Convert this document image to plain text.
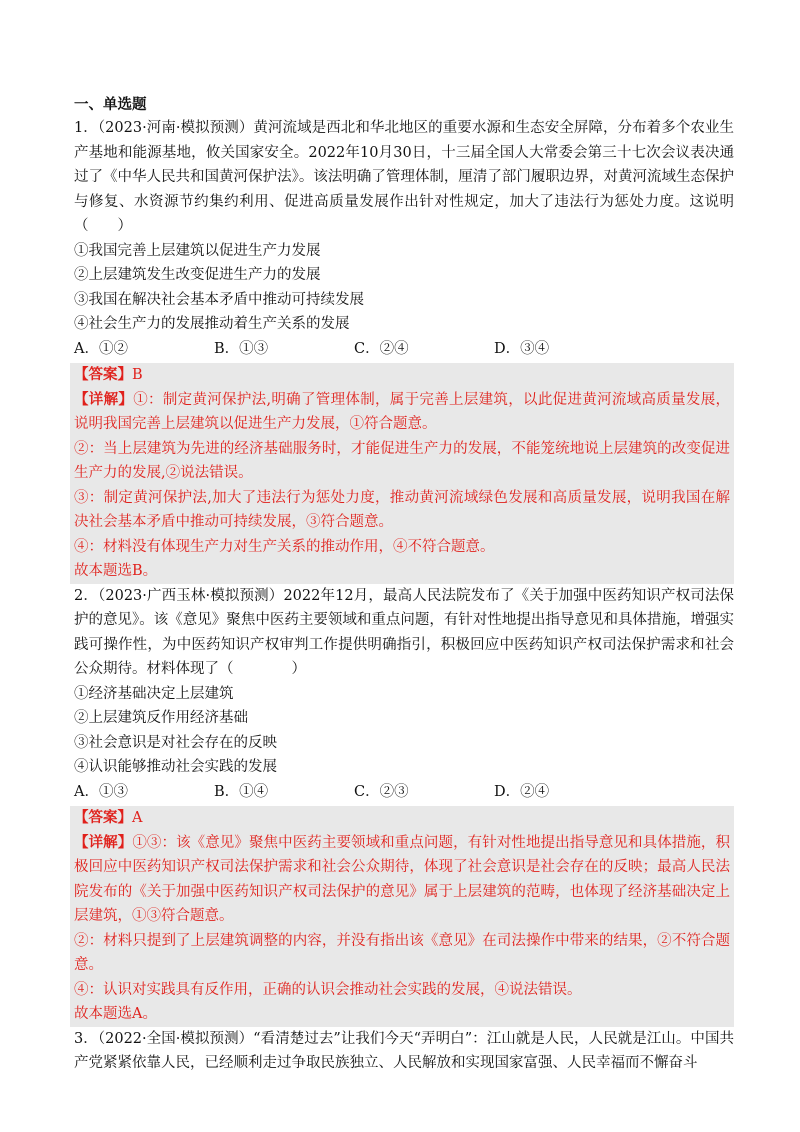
一、单选题
1．（2023·河南·模拟预测）黄河流域是西北和华北地区的重要水源和生态安全屏障，分布着多个农业生产基地和能源基地，攸关国家安全。2022年10月30日，十三届全国人大常委会第三十七次会议表决通过了《中华人民共和国黄河保护法》。该法明确了管理体制，厘清了部门履职边界，对黄河流域生态保护与修复、水资源节约集约利用、促进高质量发展作出针对性规定，加大了违法行为惩处力度。这说明（　　）
①我国完善上层建筑以促进生产力发展
②上层建筑发生改变促进生产力的发展
③我国在解决社会基本矛盾中推动可持续发展
④社会生产力的发展推动着生产关系的发展
A．①②	B．①③	C．②④	D．③④
【答案】B
【详解】①：制定黄河保护法,明确了管理体制，属于完善上层建筑，以此促进黄河流域高质量发展，说明我国完善上层建筑以促进生产力发展，①符合题意。
②：当上层建筑为先进的经济基础服务时，才能促进生产力的发展，不能笼统地说上层建筑的改变促进生产力的发展,②说法错误。
③：制定黄河保护法,加大了违法行为惩处力度，推动黄河流域绿色发展和高质量发展，说明我国在解决社会基本矛盾中推动可持续发展，③符合题意。
④：材料没有体现生产力对生产关系的推动作用，④不符合题意。
故本题选B。
2．（2023·广西玉林·模拟预测）2022年12月，最高人民法院发布了《关于加强中医药知识产权司法保护的意见》。该《意见》聚焦中医药主要领域和重点问题，有针对性地提出指导意见和具体措施，增强实践可操作性，为中医药知识产权审判工作提供明确指引，积极回应中医药知识产权司法保护需求和社会公众期待。材料体现了（　　　　）
①经济基础决定上层建筑
②上层建筑反作用经济基础
③社会意识是对社会存在的反映
④认识能够推动社会实践的发展
A．①③	B．①④	C．②③	D．②④
【答案】A
【详解】①③：该《意见》聚焦中医药主要领域和重点问题，有针对性地提出指导意见和具体措施，积极回应中医药知识产权司法保护需求和社会公众期待，体现了社会意识是社会存在的反映；最高人民法院发布的《关于加强中医药知识产权司法保护的意见》属于上层建筑的范畴，也体现了经济基础决定上层建筑，①③符合题意。
②：材料只提到了上层建筑调整的内容，并没有指出该《意见》在司法操作中带来的结果，②不符合题意。
④：认识对实践具有反作用，正确的认识会推动社会实践的发展，④说法错误。
故本题选A。
3．（2022·全国·模拟预测）“看清楚过去”让我们今天“弄明白”：江山就是人民，人民就是江山。中国共产党紧紧依靠人民，已经顺利走过争取民族独立、人民解放和实现国家富强、人民幸福而不懈奋斗
